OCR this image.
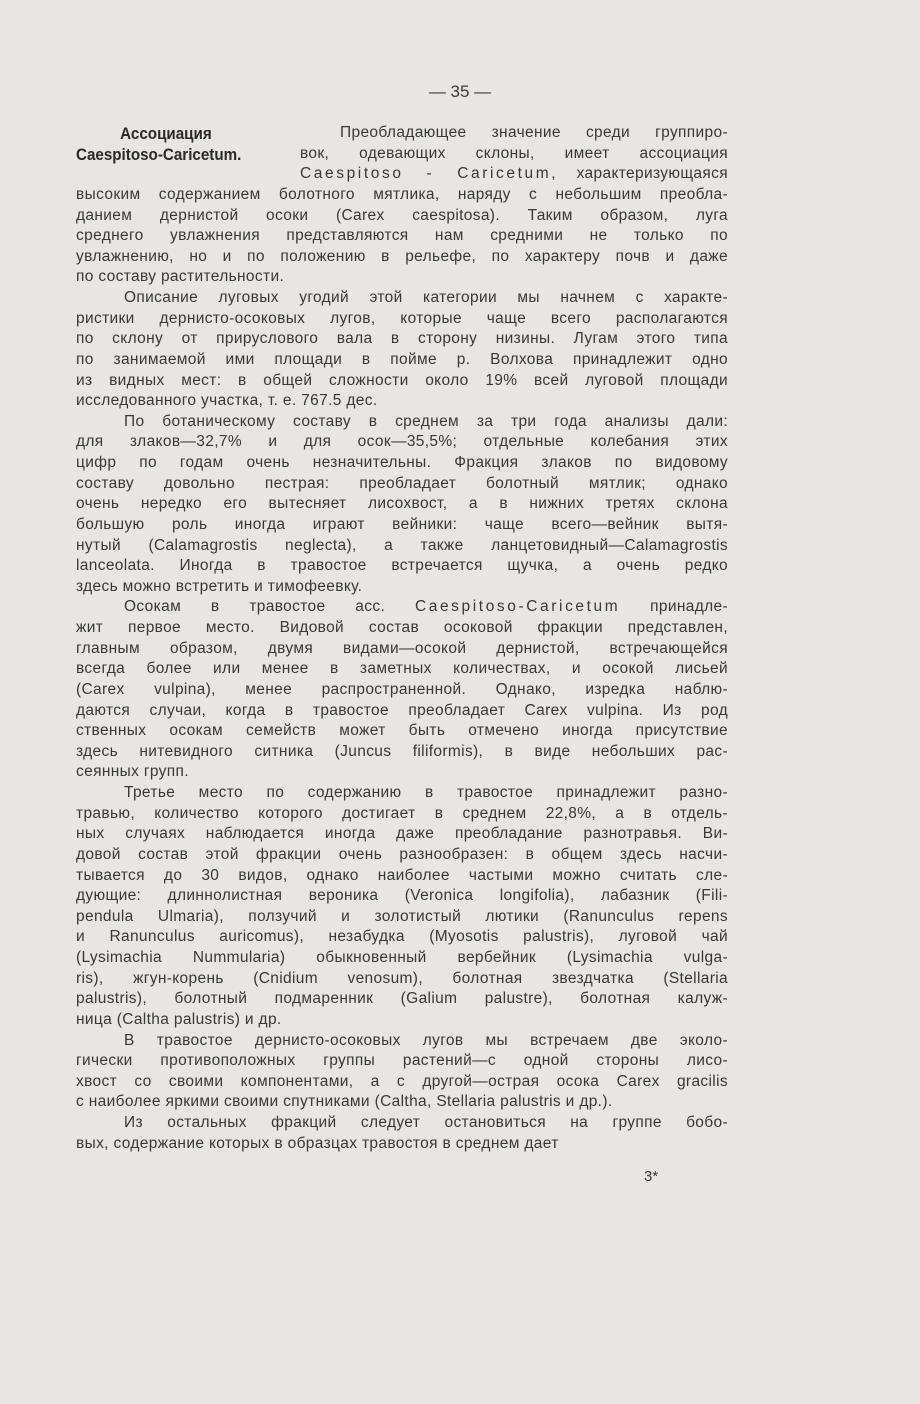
— 35 —
Ассоциация
Caespitoso-Caricetum.
Преобладающее значение среди группиро-
вок, одевающих склоны, имеет ассоциация
Caespitoso - Caricetum, характеризующаяся
высоким содержанием болотного мятлика, наряду с небольшим преобла-
данием дернистой осоки (Carex caespitosa). Таким образом, луга
среднего увлажнения представляются нам средними не только по
увлажнению, но и по положению в рельефе, по характеру почв и даже
по составу растительности.
Описание луговых угодий этой категории мы начнем с характе-
ристики дернисто-осоковых лугов, которые чаще всего располагаются
по склону от прируслового вала в сторону низины. Лугам этого типа
по занимаемой ими площади в пойме р. Волхова принадлежит одно
из видных мест: в общей сложности около 19% всей луговой площади
исследованного участка, т. е. 767.5 дес.
По ботаническому составу в среднем за три года анализы дали:
для злаков—32,7% и для осок—35,5%; отдельные колебания этих
цифр по годам очень незначительны. Фракция злаков по видовому
составу довольно пестрая: преобладает болотный мятлик; однако
очень нередко его вытесняет лисохвост, а в нижних третях склона
большую роль иногда играют вейники: чаще всего—вейник вытя-
нутый (Calamagrostis neglecta), а также ланцетовидный—Calamagrostis
lanceolata. Иногда в травостое встречается щучка, а очень редко
здесь можно встретить и тимофеевку.
Осокам в травостое асс. Caespitoso-Caricetum принадле-
жит первое место. Видовой состав осоковой фракции представлен,
главным образом, двумя видами—осокой дернистой, встречающейся
всегда более или менее в заметных количествах, и осокой лисьей
(Carex vulpina), менее распространенной. Однако, изредка наблю-
даются случаи, когда в травостое преобладает Carex vulpina. Из род
ственных осокам семейств может быть отмечено иногда присутствие
здесь нитевидного ситника (Juncus filiformis), в виде небольших рас-
сеянных групп.
Третье место по содержанию в травостое принадлежит разно-
травью, количество которого достигает в среднем 22,8%, а в отдель-
ных случаях наблюдается иногда даже преобладание разнотравья. Ви-
довой состав этой фракции очень разнообразен: в общем здесь насчи-
тывается до 30 видов, однако наиболее частыми можно считать сле-
дующие: длиннолистная вероника (Veronica longifolia), лабазник (Fili-
pendula Ulmaria), ползучий и золотистый лютики (Ranunculus repens
и Ranunculus auricomus), незабудка (Myosotis palustris), луговой чай
(Lysimachia Nummularia) обыкновенный вербейник (Lysimachia vulga-
ris), жгун-корень (Cnidium venosum), болотная звездчатка (Stellaria
palustris), болотный подмаренник (Galium palustre), болотная калуж-
ница (Caltha palustris) и др.
В травостое дернисто-осоковых лугов мы встречаем две эколо-
гически противоположных группы растений—с одной стороны лисо-
хвост со своими компонентами, а с другой—острая осока Carex gracilis
с наиболее яркими своими спутниками (Caltha, Stellaria palustris и др.).
Из остальных фракций следует остановиться на группе бобо-
вых, содержание которых в образцах травостоя в среднем дает
3*
